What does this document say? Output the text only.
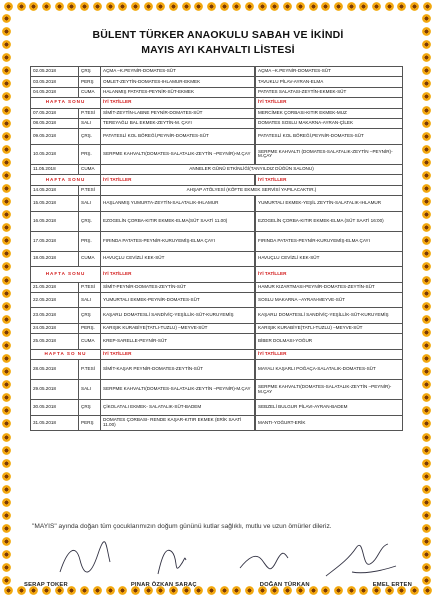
BÜLENT TÜRKER ANAOKULU SABAH VE İKİNDİ
MAYIS AYI KAHVALTI LİSTESİ
02.05.2018	ÇRŞ	AÇMA –K.PEYNİR-DOMATES-SÜT		AÇMA –K.PEYNİR-DOMATES-SÜT
03.05.2018	PERŞ	OMLET-ZEYTİN-DOMATES-IHLAMUR-EKMEK		TAVUKLU PİLAV-AYRAN-ELMA
04.05.2018	CUMA	HALANMIŞ PATATES-PEYNİR-SÜT-EKMEK		PATATES SALATASI-ZEYTİN-EKMEK-SÜT
HAFTA SONU		İYİ TATİLLER		İYİ TATİLLER
07.05.2018	P.TESİ	SİMİT-ZEYTİN-LABNE PEYNİR-DOMATES-SÜT		MERCİMEK ÇORBASI-KITIR EKMEK-MUZ
08.05.2018	SALI	TEREYAĞLI BAL EKMEK-ZEYTİN-M. ÇAYI		DOMATES SOSLU MAKARNA-AYRAN-ÇİLEK
09.05.2018	ÇRŞ.	PATATESLİ KOL BÖREĞİ,PEYNİR-DOMATES-SÜT		PATATESLİ KOL BÖREĞİ,PEYNİR-DOMATES-SÜT
10.05.2018	PRŞ.	SERPME KAHVALTI(DOMATES-SALATALIK-ZEYTİN –PEYNİR)-M.ÇAY		SERPME KAHVALTI (DOMATES-SALATALIK-ZEYTİN –PEYNİR)-M.ÇAY
11.05.2018	CUMA	ANNELER GÜNÜ ETKİNLİĞİ(TANYILDIZ DÜĞÜN SALONU)	
HAFTA SONU		İYİ TATİLLER		İYİ TATİLLER
14.05.2018	P.TESİ	AHŞAP ATÖLYESİ (KÖFTE EKMEK SERVİSİ YAPILACAKTIR.)	
15.05.2018	SALI	HAŞLANMIŞ YUMURTA-ZEYTİN-SALATALIK-IHLAMUR		YUMURTALI EKMEK-YEŞİL ZEYTİN-SALATALIK-IHLAMUR
16.05.2018	ÇRŞ.	EZOGELİN ÇORBA-KITIR EKMEK-ELMA(SÜT SAATİ 11.00)		EZOGELİN ÇORBA-KITIR EKMEK-ELMA (SÜT SAATİ 16:00)
17.05.2018	PRŞ.	FIRINDA PATATES-PEYNİR-KURUYEMİŞ-ELMA ÇAYI		FIRINDA PATATES-PEYNİR-KURUYEMİŞ-ELMA ÇAYI
18.05.2018	CUMA	HAVUÇLU CEVİZLİ KEK-SÜT		HAVUÇLU CEVİZLİ KEK-SÜT
HAFTA SONU		İYİ TATİLLER		İYİ TATİLLER
21.05.2018	P.TESİ	SİMİT-PEYNİR-DOMATES-ZEYTİN-SÜT		HAMUR KIZARTMASI-PEYNİR-DOMATES-ZEYTİN-SÜT
22.05.2018	SALI	YUMURTALI EKMEK-PEYNİR-DOMATES-SÜT		SOSLU MAKARNA –AYRAN-MEYVE-SÜT
23.05.2018	ÇRŞ	KAŞARLI DOMATESLİ SANDİVİÇ-YEŞİLLİK-SÜT-KURUYEMİŞ		KAŞARLI DOMATESLİ SANDİVİÇ-YEŞİLLİK-SÜT-KURUYEMİŞ
24.05.2018	PERŞ.	KARIŞIK KURABİYE(TATLI-TUZLU) –MEYVE-SÜT		KARIŞIK KURABİYE(TATLI-TUZLU) –MEYVE-SÜT
25.05.2018	CUMA	KREP-SARELLE-PEYNİR-SÜT		BİBER DOLMASI-YOĞUR
HAFTA SO NU		İYİ TATİLLER		İYİ TATİLLER
28.05.2018	P.TESİ	SİMİT-KAŞAR PEYNİR-DOMATES-ZEYTİN-SÜT		MAYALI KAŞARLI POĞAÇA-SALATALIK-DOMATES-SÜT
29.05.2018	SALI	SERPME KAHVALTI(DOMATES-SALATALIK-ZEYTİN –PEYNİR)-M.ÇAY		SERPME KAHVALTI(DOMATES-SALATALIK-ZEYTİN –PEYNİR)-M.ÇAY
30.05.2018	ÇRŞ	ÇİKOLATALI EKMEK- SALATALIK-SÜT-BADEM		SEBZELİ BULGUR PİLAVI-AYRAN-BADEM
31.05.2018	PERŞ	DOMATES ÇORBASI- RENDE KAŞAR-KITIR EKMEK (ERİK SAATİ 11.00)		MANTI-YOĞURT-ERİK
"MAYIS" ayında doğan tüm çocuklarımızın doğum gününü kutlar sağlıklı, mutlu ve uzun ömürler dileriz.
SERAP TOKER	PINAR ÖZKAN SARAÇ	DOĞAN TÜRKAN	EMEL ERTEN
